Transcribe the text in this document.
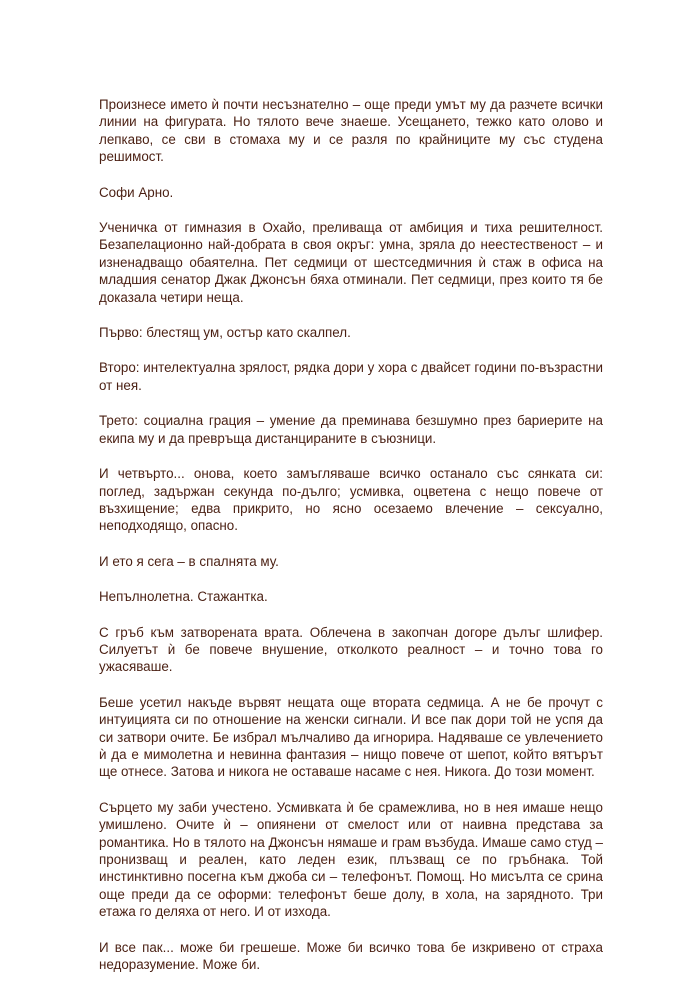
Произнесе името ѝ почти несъзнателно – още преди умът му да разчете всички линии на фигурата. Но тялото вече знаеше. Усещането, тежко като олово и лепкаво, се сви в стомаха му и се разля по крайниците му със студена решимост.

Софи Арно.

Ученичка от гимназия в Охайо, преливаща от амбиция и тиха решителност. Безапелационно най-добрата в своя окръг: умна, зряла до неестественост – и изненадващо обаятелна. Пет седмици от шестседмичния ѝ стаж в офиса на младшия сенатор Джак Джонсън бяха отминали. Пет седмици, през които тя бе доказала четири неща.

Първо: блестящ ум, остър като скалпел.

Второ: интелектуална зрялост, рядка дори у хора с двайсет години по-възрастни от нея.

Трето: социална грация – умение да преминава безшумно през бариерите на екипа му и да превръща дистанцираните в съюзници.

И четвърто... онова, което замъгляваше всичко останало със сянката си: поглед, задържан секунда по-дълго; усмивка, оцветена с нещо повече от възхищение; едва прикрито, но ясно осезаемо влечение – сексуално, неподходящо, опасно.

И ето я сега – в спалнята му.

Непълнолетна. Стажантка.

С гръб към затворената врата. Облечена в закопчан догоре дълъг шлифер. Силуетът ѝ бе повече внушение, отколкото реалност – и точно това го ужасяваше.

Беше усетил накъде вървят нещата още втората седмица. А не бе прочут с интуицията си по отношение на женски сигнали. И все пак дори той не успя да си затвори очите. Бе избрал мълчаливо да игнорира. Надяваше се увлечението ѝ да е мимолетна и невинна фантазия – нищо повече от шепот, който вятърът ще отнесе. Затова и никога не оставаше насаме с нея. Никога. До този момент.

Сърцето му заби учестено. Усмивката ѝ бе срамежлива, но в нея имаше нещо умишлено. Очите ѝ – опиянени от смелост или от наивна представа за романтика. Но в тялото на Джонсън нямаше и грам възбуда. Имаше само студ – пронизващ и реален, като леден език, плъзващ се по гръбнака. Той инстинктивно посегна към джоба си – телефонът. Помощ. Но мисълта се срина още преди да се оформи: телефонът беше долу, в хола, на зарядното. Три етажа го деляха от него. И от изхода.

И все пак... може би грешеше. Може би всичко това бе изкривено от страха недоразумение. Може би.
